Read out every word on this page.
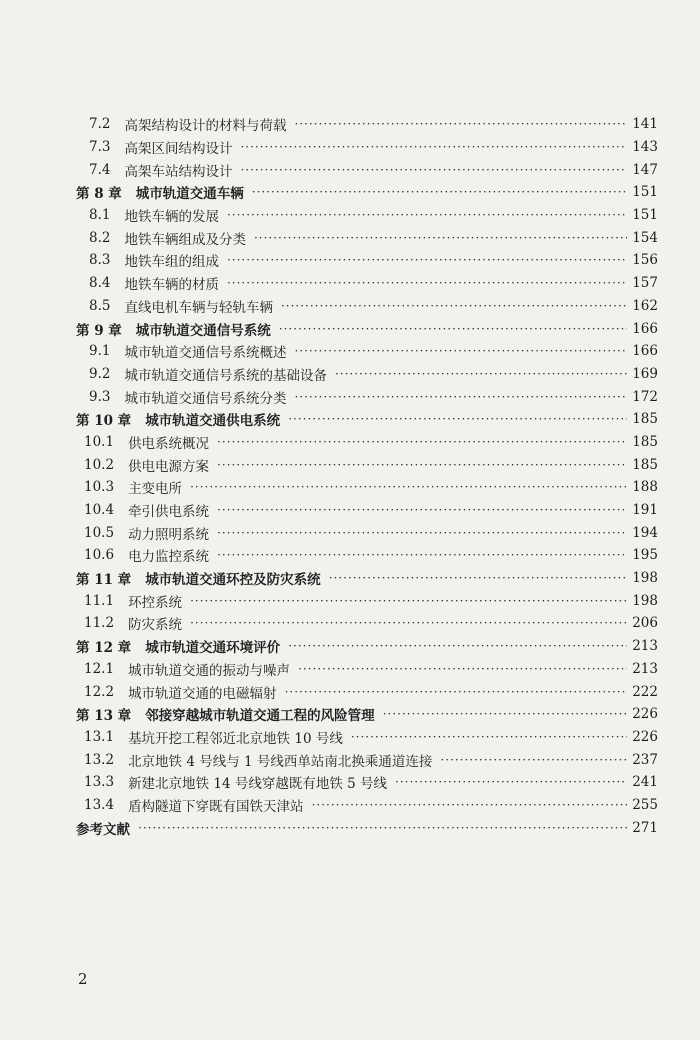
7.2 高架结构设计的材料与荷载 ·····	141
7.3 高架区间结构设计 ·····	143
7.4 高架车站结构设计 ·····	147
第 8 章 城市轨道交通车辆 ·····	151
8.1 地铁车辆的发展 ·····	151
8.2 地铁车辆组成及分类 ·····	154
8.3 地铁车组的组成 ·····	156
8.4 地铁车辆的材质 ·····	157
8.5 直线电机车辆与轻轨车辆 ·····	162
第 9 章 城市轨道交通信号系统 ·····	166
9.1 城市轨道交通信号系统概述 ·····	166
9.2 城市轨道交通信号系统的基础设备 ·····	169
9.3 城市轨道交通信号系统分类 ·····	172
第 10 章 城市轨道交通供电系统 ·····	185
10.1 供电系统概况 ·····	185
10.2 供电电源方案 ·····	185
10.3 主变电所 ·····	188
10.4 牵引供电系统 ·····	191
10.5 动力照明系统 ·····	194
10.6 电力监控系统 ·····	195
第 11 章 城市轨道交通环控及防灾系统 ·····	198
11.1 环控系统 ·····	198
11.2 防灾系统 ·····	206
第 12 章 城市轨道交通环境评价 ·····	213
12.1 城市轨道交通的振动与噪声 ·····	213
12.2 城市轨道交通的电磁辐射 ·····	222
第 13 章 邻接穿越城市轨道交通工程的风险管理 ·····	226
13.1 基坑开挖工程邻近北京地铁 10 号线 ·····	226
13.2 北京地铁 4 号线与 1 号线西单站南北换乘通道连接 ·····	237
13.3 新建北京地铁 14 号线穿越既有地铁 5 号线 ·····	241
13.4 盾构隧道下穿既有国铁天津站 ·····	255
参考文献 ·····	271
2
